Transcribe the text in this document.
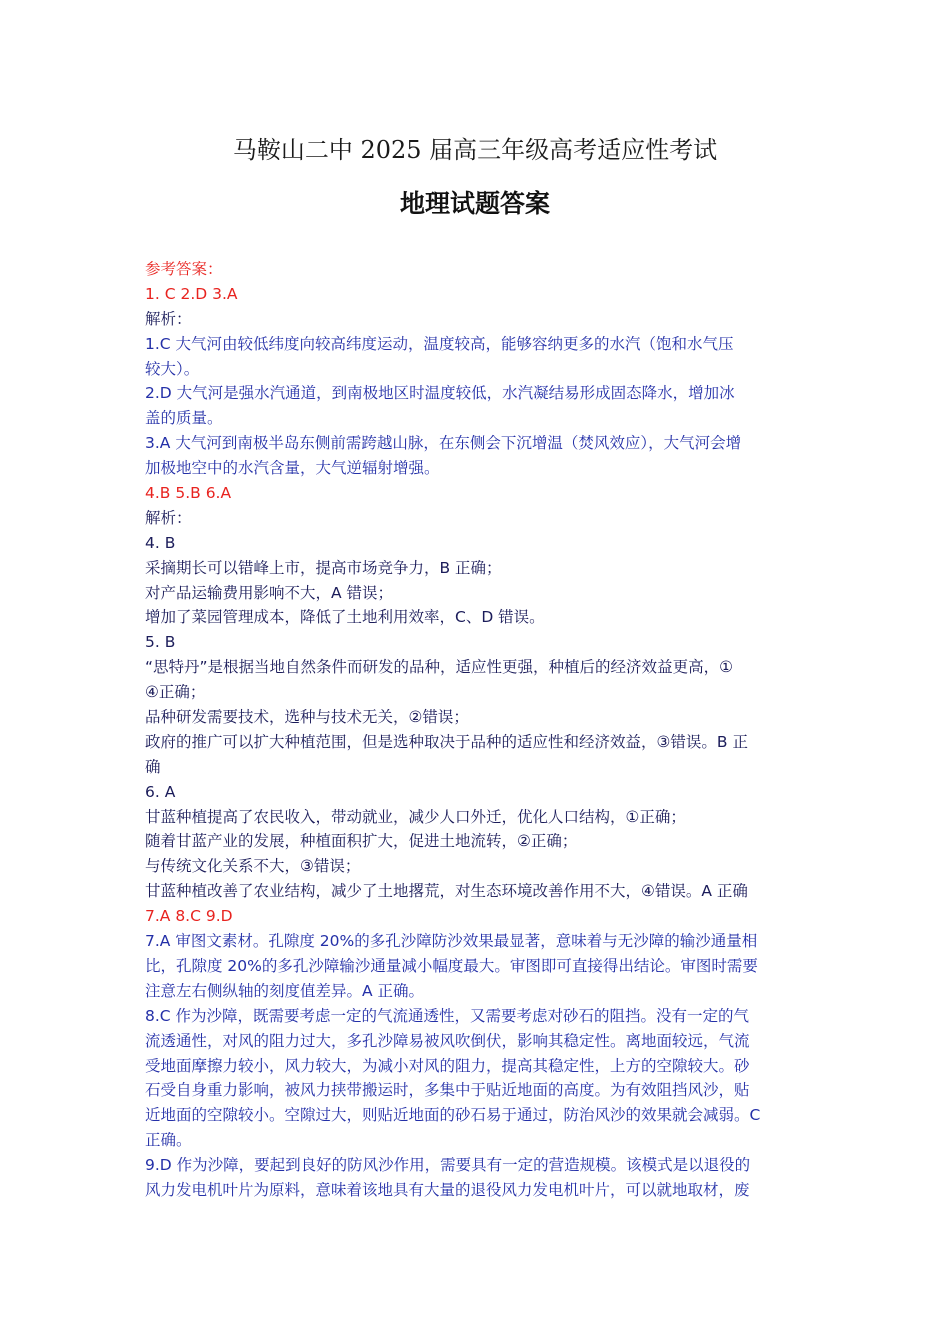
马鞍山二中 2025 届高三年级高考适应性考试
地理试题答案
参考答案：
1. C 2.D 3.A
解析：
1.C 大气河由较低纬度向较高纬度运动，温度较高，能够容纳更多的水汽（饱和水气压
较大）。
2.D 大气河是强水汽通道，到南极地区时温度较低，水汽凝结易形成固态降水，增加冰
盖的质量。
3.A 大气河到南极半岛东侧前需跨越山脉，在东侧会下沉增温（焚风效应），大气河会增
加极地空中的水汽含量，大气逆辐射增强。
4.B 5.B 6.A
解析：
4. B
采摘期长可以错峰上市，提高市场竞争力，B 正确；
对产品运输费用影响不大，A 错误；
增加了菜园管理成本，降低了土地利用效率，C、D 错误。
5. B
“思特丹”是根据当地自然条件而研发的品种，适应性更强，种植后的经济效益更高，①
④正确；
品种研发需要技术，选种与技术无关，②错误；
政府的推广可以扩大种植范围，但是选种取决于品种的适应性和经济效益，③错误。B 正
确
6. A
甘蓝种植提高了农民收入，带动就业，减少人口外迁，优化人口结构，①正确；
随着甘蓝产业的发展，种植面积扩大，促进土地流转，②正确；
与传统文化关系不大，③错误；
甘蓝种植改善了农业结构，减少了土地撂荒，对生态环境改善作用不大，④错误。A 正确
7.A 8.C 9.D
7.A 审图文素材。孔隙度 20%的多孔沙障防沙效果最显著，意味着与无沙障的输沙通量相
比，孔隙度 20%的多孔沙障输沙通量减小幅度最大。审图即可直接得出结论。审图时需要
注意左右侧纵轴的刻度值差异。A 正确。
8.C 作为沙障，既需要考虑一定的气流通透性，又需要考虑对砂石的阻挡。没有一定的气
流透通性，对风的阻力过大，多孔沙障易被风吹倒伏，影响其稳定性。离地面较远，气流
受地面摩擦力较小，风力较大，为减小对风的阻力，提高其稳定性，上方的空隙较大。砂
石受自身重力影响，被风力挟带搬运时，多集中于贴近地面的高度。为有效阻挡风沙，贴
近地面的空隙较小。空隙过大，则贴近地面的砂石易于通过，防治风沙的效果就会减弱。C
正确。
9.D 作为沙障，要起到良好的防风沙作用，需要具有一定的营造规模。该模式是以退役的
风力发电机叶片为原料，意味着该地具有大量的退役风力发电机叶片，可以就地取材，废
